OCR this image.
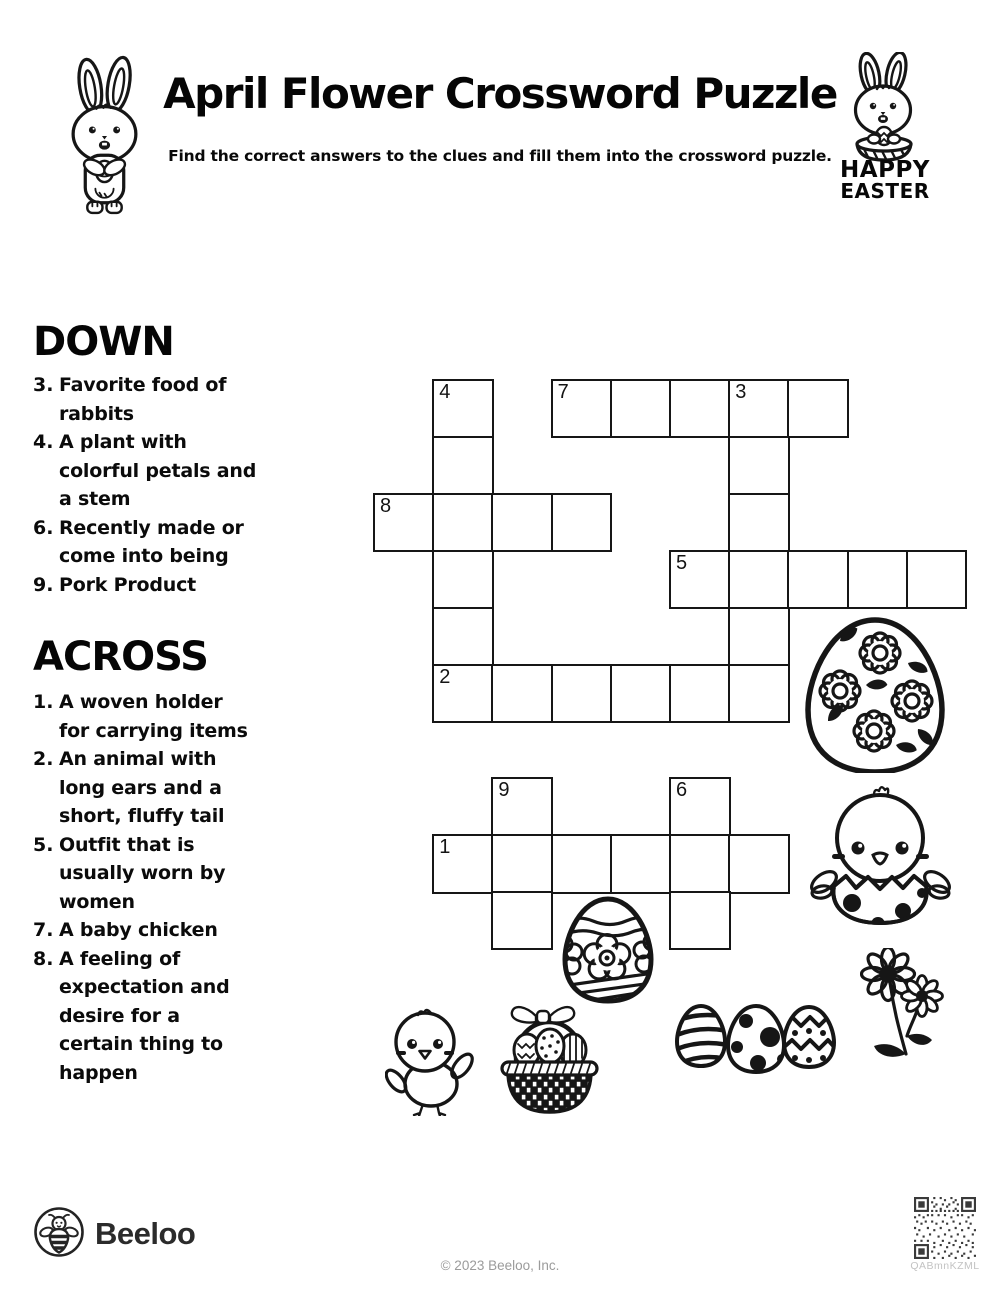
April Flower Crossword Puzzle
Find the correct answers to the clues and fill them into the crossword puzzle.
HAPPY
EASTER
DOWN
3. Favorite food of
rabbits
4. A plant with
colorful petals and
a stem
6. Recently made or
come into being
9. Pork Product
ACROSS
1. A woven holder
for carrying items
2. An animal with
long ears and a
short, fluffy tail
5. Outfit that is
usually worn by
women
7. A baby chicken
8. A feeling of
expectation and
desire for a
certain thing to
happen
4	7	3
8
5
2
9	6
1
Beeloo
© 2023 Beeloo, Inc.	QABmnKZML
